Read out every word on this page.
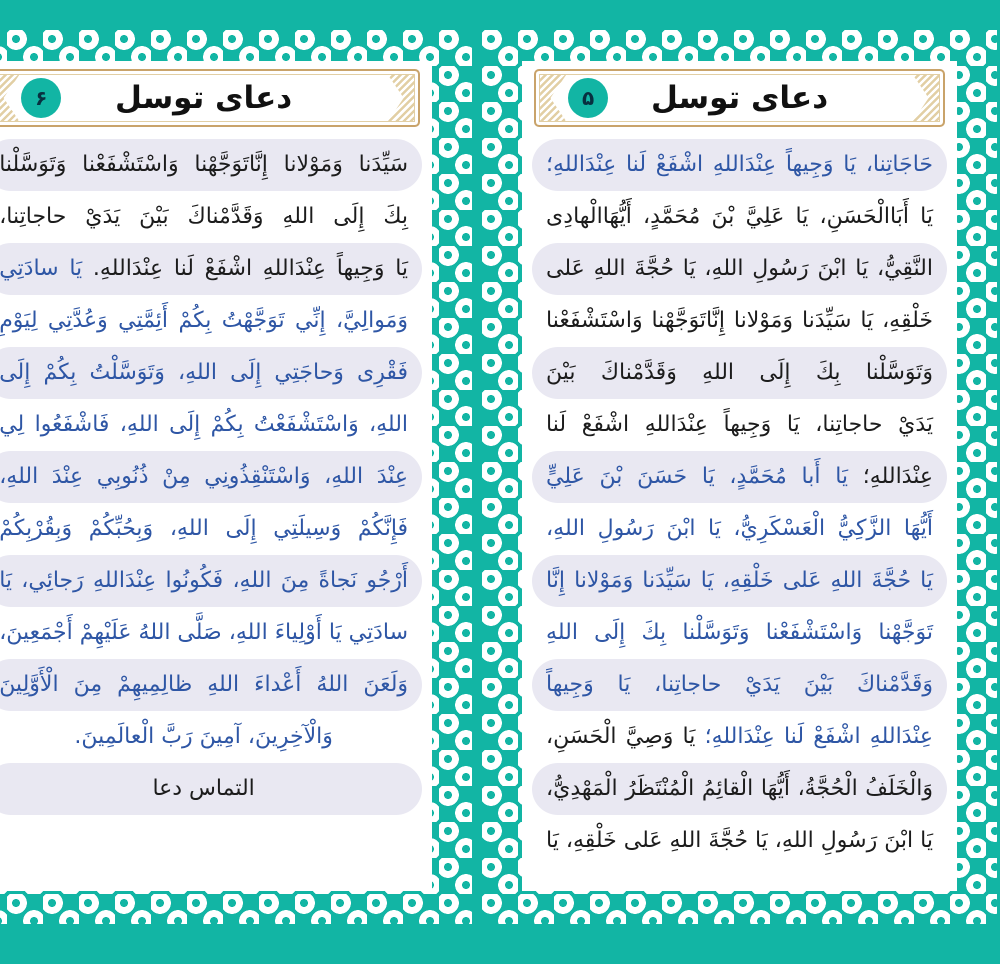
۵	دعای توسل
حَاجَاتِنا، يَا وَجِيهاً عِنْدَاللهِ اشْفَعْ لَنا عِنْدَاللهِ؛
يَا أَبَاالْحَسَنِ، يَا عَلِيَّ بْنَ مُحَمَّدٍ، أَيُّهَاالْهادِی
النَّقِيُّ، يَا ابْنَ رَسُولِ اللهِ، يَا حُجَّةَ اللهِ عَلی
خَلْقِهِ، يَا سَيِّدَنا وَمَوْلانا إِنَّاتَوَجَّهْنا وَاسْتَشْفَعْنا
وَتَوَسَّلْنا بِكَ إِلَى اللهِ وَقَدَّمْناكَ بَيْنَ
يَدَيْ حاجاتِنا، يَا وَجِيهاً عِنْدَاللهِ اشْفَعْ لَنا
عِنْدَاللهِ؛ يَا أَبا مُحَمَّدٍ، يَا حَسَنَ بْنَ عَلِيٍّ
أَيُّهَا الزَّكِيُّ الْعَسْكَرِيُّ، يَا ابْنَ رَسُولِ اللهِ،
يَا حُجَّةَ اللهِ عَلی خَلْقِهِ، يَا سَيِّدَنا وَمَوْلانا إِنَّا
تَوَجَّهْنا وَاسْتَشْفَعْنا وَتَوَسَّلْنا بِكَ إِلَى اللهِ
وَقَدَّمْناكَ بَيْنَ يَدَيْ حاجاتِنا، يَا وَجِيهاً
عِنْدَاللهِ اشْفَعْ لَنا عِنْدَاللهِ؛ يَا وَصِيَّ الْحَسَنِ،
وَالْخَلَفُ الْحُجَّةُ، أَيُّهَا الْقائِمُ الْمُنْتَظَرُ الْمَهْدِيُّ،
يَا ابْنَ رَسُولِ اللهِ، يَا حُجَّةَ اللهِ عَلی خَلْقِهِ، يَا
۶	دعای توسل
سَيِّدَنا وَمَوْلانا إِنَّاتَوَجَّهْنا وَاسْتَشْفَعْنا وَتَوَسَّلْنا
بِكَ إِلَى اللهِ وَقَدَّمْناكَ بَيْنَ يَدَيْ حاجاتِنا،
يَا وَجِيهاً عِنْدَاللهِ اشْفَعْ لَنا عِنْدَاللهِ. يَا سادَتِي
وَمَوالِيَّ، إِنِّي تَوَجَّهْتُ بِكُمْ أَئِمَّتِي وَعُدَّتِي لِيَوْمِ
فَقْرِی وَحاجَتِي إِلَى اللهِ، وَتَوَسَّلْتُ بِكُمْ إِلَى
اللهِ، وَاسْتَشْفَعْتُ بِكُمْ إِلَى اللهِ، فَاشْفَعُوا لِي
عِنْدَ اللهِ، وَاسْتَنْقِذُونِي مِنْ ذُنُوبِي عِنْدَ اللهِ،
فَإِنَّكُمْ وَسِيلَتِي إِلَى اللهِ، وَبِحُبِّكُمْ وَبِقُرْبِكُمْ
أَرْجُو نَجاةً مِنَ اللهِ، فَكُونُوا عِنْدَاللهِ رَجائِي، يَا
سادَتِي يَا أَوْلِياءَ اللهِ، صَلَّى اللهُ عَلَيْهِمْ أَجْمَعِينَ،
وَلَعَنَ اللهُ أَعْداءَ اللهِ ظالِمِيهِمْ مِنَ الْأَوَّلِينَ
وَالْآخِرِينَ، آمِينَ رَبَّ الْعالَمِينَ.
التماس دعا
